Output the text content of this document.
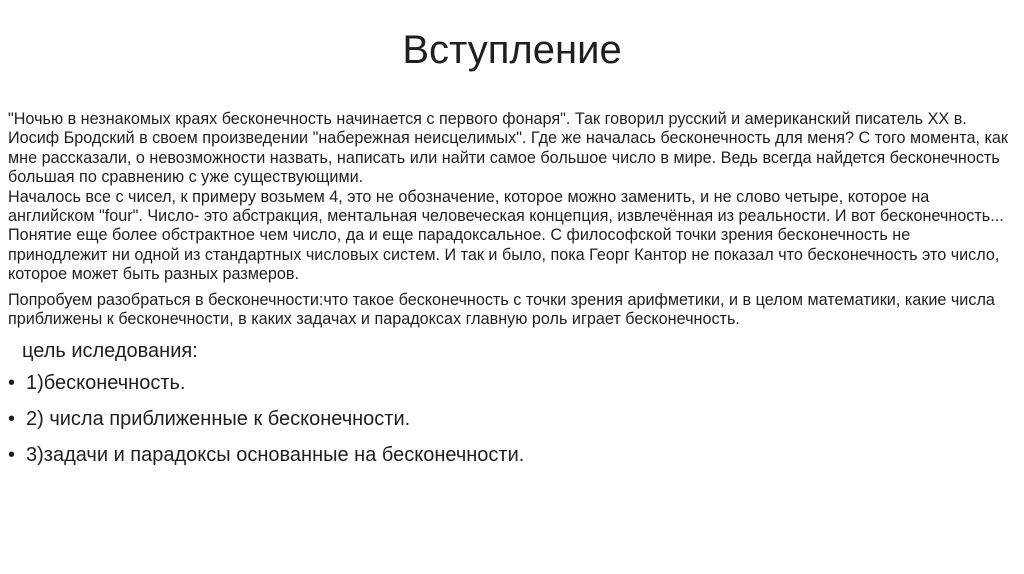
Вступление

"Ночью в незнакомых краях бесконечность начинается с первого фонаря". Так говорил русский и американский писатель XX в. Иосиф Бродский в своем произведении "набережная неисцелимых". Где же началась бесконечность для меня? С того момента, как мне рассказали, о невозможности назвать, написать или найти самое большое число в мире. Ведь всегда найдется бесконечность большая по сравнению с уже существующими.

Началось все с чисел, к примеру возьмем 4, это не обозначение, которое можно заменить, и не слово четыре, которое на английском "four". Число- это абстракция, ментальная человеческая концепция, извлечённая из реальности. И вот бесконечность... Понятие еще более обстрактное чем число, да и еще парадоксальное. С философской точки зрения бесконечность не принодлежит ни одной из стандартных числовых систем. И так и было, пока Георг Кантор не показал что бесконечность это число, которое может быть разных размеров.

Попробуем разобраться в бесконечности:что такое бесконечность с точки зрения арифметики, и в целом математики, какие числа приближены к бесконечности, в каких задачах и парадоксах главную роль играет бесконечность.

цель иследования:
• 1)бесконечность.
• 2) числа приближенные к бесконечности.
• 3)задачи и парадоксы основанные на бесконечности.
